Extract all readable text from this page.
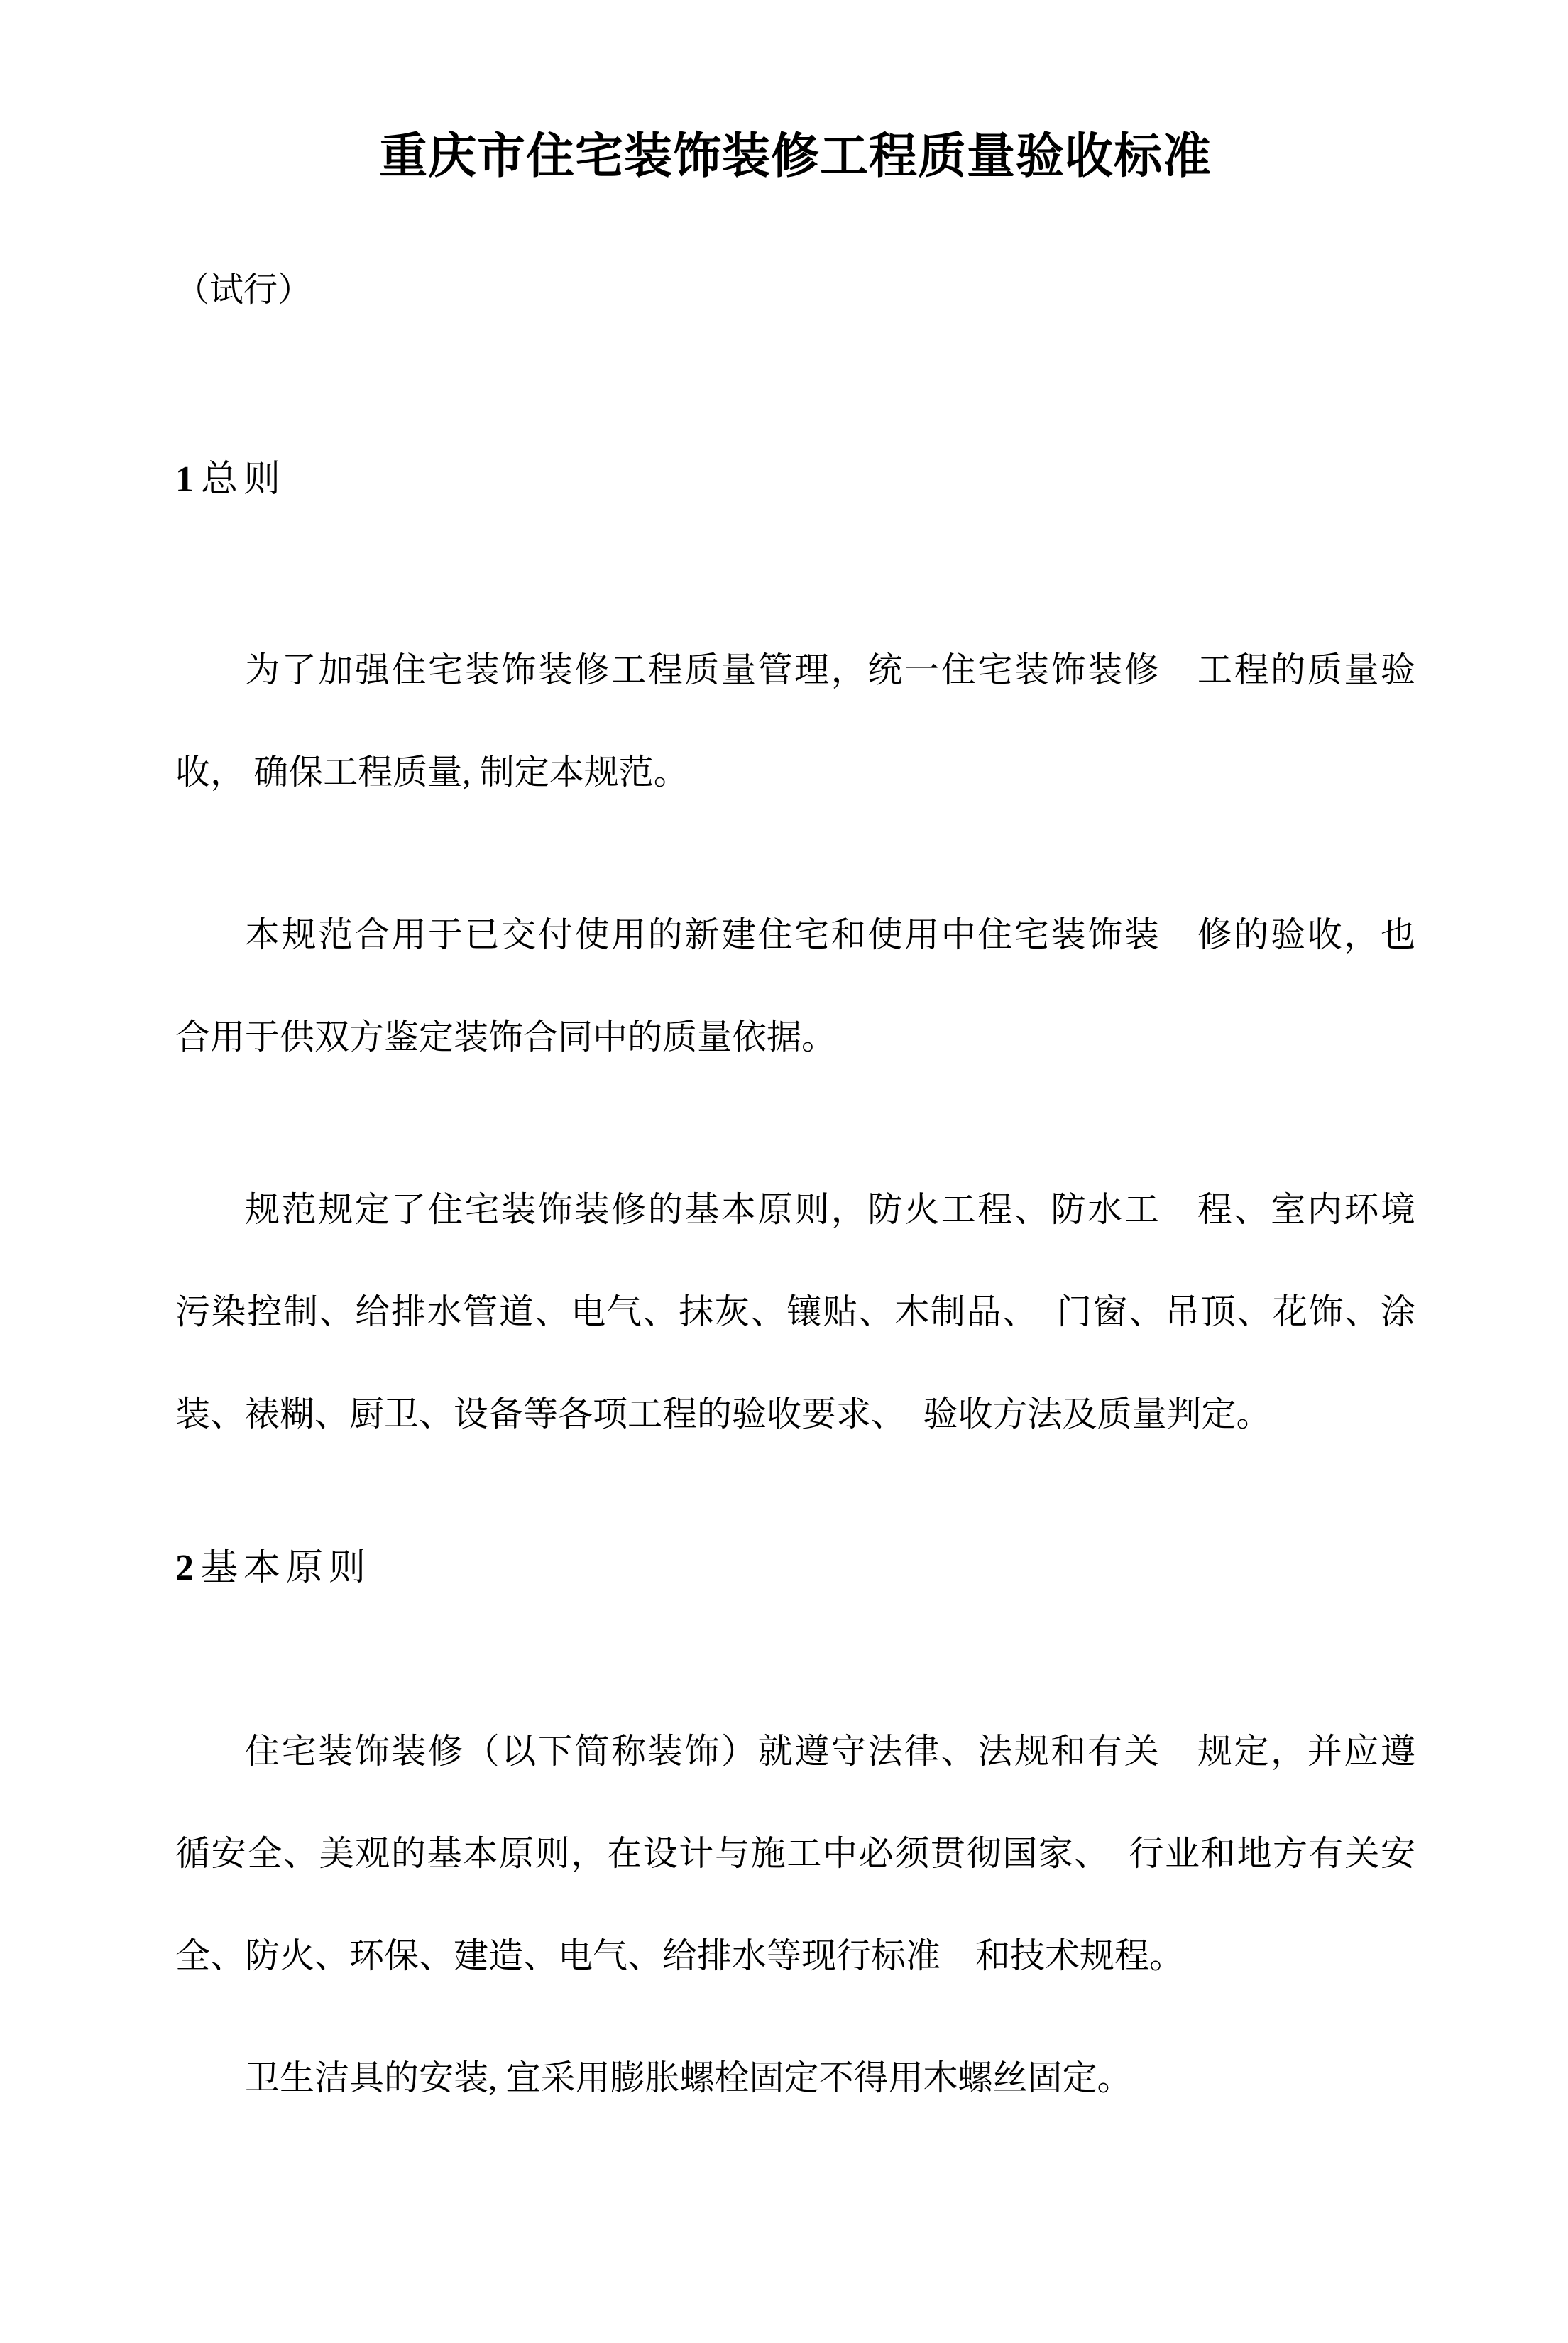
重庆市住宅装饰装修工程质量验收标准
（试行）
1 总则
为了加强住宅装饰装修工程质量管理，统一住宅装饰装修　工程的质量验
收， 确保工程质量, 制定本规范。
本规范合用于已交付使用的新建住宅和使用中住宅装饰装　修的验收，也
合用于供双方鉴定装饰合同中的质量依据。
规范规定了住宅装饰装修的基本原则，防火工程、防水工　程、室内环境
污染控制、给排水管道、电气、抹灰、镶贴、木制品、　门窗、吊顶、花饰、涂
装、裱糊、厨卫、设备等各项工程的验收要求、　验收方法及质量判定。
2 基本原则
住宅装饰装修（以下简称装饰）就遵守法律、法规和有关　规定，并应遵
循安全、美观的基本原则，在设计与施工中必须贯彻国家、　行业和地方有关安
全、防火、环保、建造、电气、给排水等现行标准　和技术规程。
卫生洁具的安装, 宜采用膨胀螺栓固定不得用木螺丝固定。
